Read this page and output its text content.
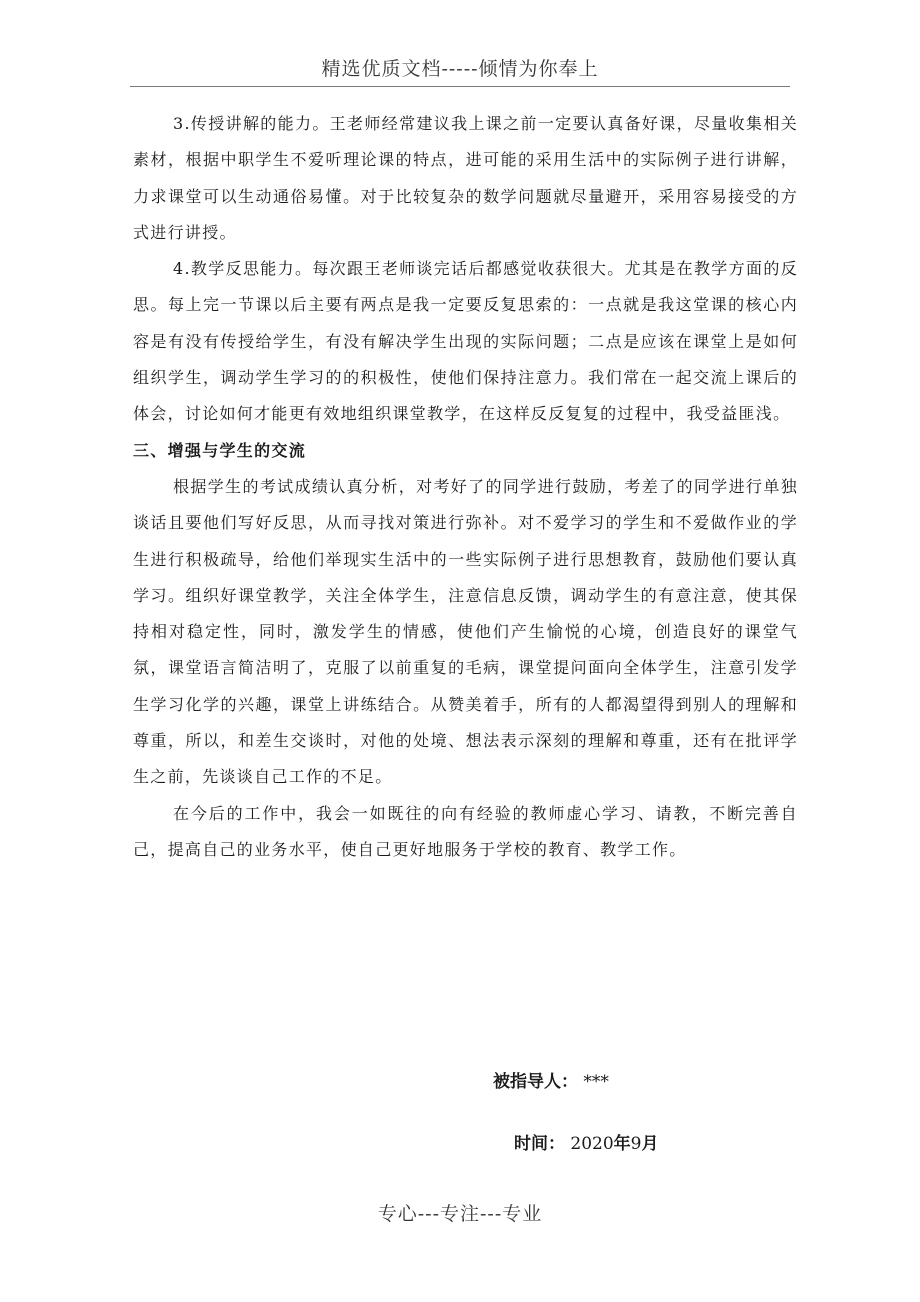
精选优质文档-----倾情为你奉上

3.传授讲解的能力。王老师经常建议我上课之前一定要认真备好课，尽量收集相关素材，根据中职学生不爱听理论课的特点，进可能的采用生活中的实际例子进行讲解，力求课堂可以生动通俗易懂。对于比较复杂的数学问题就尽量避开，采用容易接受的方式进行讲授。

4.教学反思能力。每次跟王老师谈完话后都感觉收获很大。尤其是在教学方面的反思。每上完一节课以后主要有两点是我一定要反复思索的：一点就是我这堂课的核心内容是有没有传授给学生，有没有解决学生出现的实际问题；二点是应该在课堂上是如何组织学生，调动学生学习的的积极性，使他们保持注意力。我们常在一起交流上课后的体会，讨论如何才能更有效地组织课堂教学，在这样反反复复的过程中，我受益匪浅。

三、增强与学生的交流

根据学生的考试成绩认真分析，对考好了的同学进行鼓励，考差了的同学进行单独谈话且要他们写好反思，从而寻找对策进行弥补。对不爱学习的学生和不爱做作业的学生进行积极疏导，给他们举现实生活中的一些实际例子进行思想教育，鼓励他们要认真学习。组织好课堂教学，关注全体学生，注意信息反馈，调动学生的有意注意，使其保持相对稳定性，同时，激发学生的情感，使他们产生愉悦的心境，创造良好的课堂气氛，课堂语言简洁明了，克服了以前重复的毛病，课堂提问面向全体学生，注意引发学生学习化学的兴趣，课堂上讲练结合。从赞美着手，所有的人都渴望得到别人的理解和尊重，所以，和差生交谈时，对他的处境、想法表示深刻的理解和尊重，还有在批评学生之前，先谈谈自己工作的不足。

在今后的工作中，我会一如既往的向有经验的教师虚心学习、请教，不断完善自己，提高自己的业务水平，使自己更好地服务于学校的教育、教学工作。

被指导人： ***
时间： 2020年9月
专心---专注---专业
